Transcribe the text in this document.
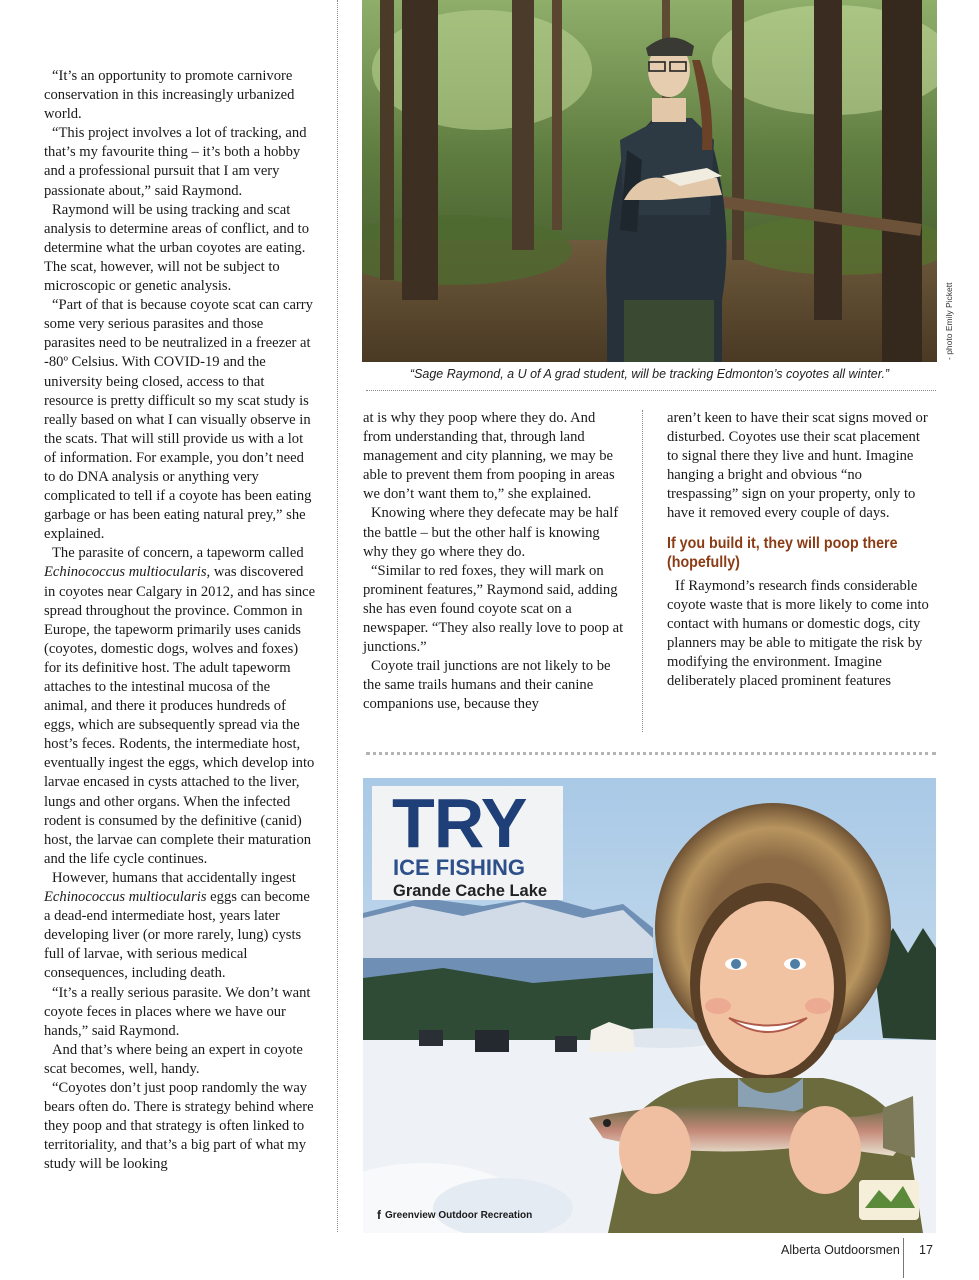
“It’s an opportunity to promote carnivore conservation in this increasingly urbanized world.

“This project involves a lot of tracking, and that’s my favourite thing – it’s both a hobby and a professional pursuit that I am very passionate about,” said Raymond.

Raymond will be using tracking and scat analysis to determine areas of conflict, and to determine what the urban coyotes are eating. The scat, however, will not be subject to microscopic or genetic analysis.

“Part of that is because coyote scat can carry some very serious parasites and those parasites need to be neutralized in a freezer at -80º Celsius. With COVID-19 and the university being closed, access to that resource is pretty difficult so my scat study is really based on what I can visually observe in the scats. That will still provide us with a lot of information. For example, you don’t need to do DNA analysis or anything very complicated to tell if a coyote has been eating garbage or has been eating natural prey,” she explained.

The parasite of concern, a tapeworm called Echinococcus multiocularis, was discovered in coyotes near Calgary in 2012, and has since spread throughout the province. Common in Europe, the tapeworm primarily uses canids (coyotes, domestic dogs, wolves and foxes) for its definitive host. The adult tapeworm attaches to the intestinal mucosa of the animal, and there it produces hundreds of eggs, which are subsequently spread via the host’s feces. Rodents, the intermediate host, eventually ingest the eggs, which develop into larvae encased in cysts attached to the liver, lungs and other organs. When the infected rodent is consumed by the definitive (canid) host, the larvae can complete their maturation and the life cycle continues.

However, humans that accidentally ingest Echinococcus multiocularis eggs can become a dead-end intermediate host, years later developing liver (or more rarely, lung) cysts full of larvae, with serious medical consequences, including death.

“It’s a really serious parasite. We don’t want coyote feces in places where we have our hands,” said Raymond.

And that’s where being an expert in coyote scat becomes, well, handy.

“Coyotes don’t just poop randomly the way bears often do. There is strategy behind where they poop and that strategy is often linked to territoriality, and that’s a big part of what my study will be looking

- photo Emily Pickett
“Sage Raymond, a U of A grad student, will be tracking Edmonton’s coyotes all winter.”

at is why they poop where they do. And from understanding that, through land management and city planning, we may be able to prevent them from pooping in areas we don’t want them to,” she explained.

Knowing where they defecate may be half the battle – but the other half is knowing why they go where they do.

“Similar to red foxes, they will mark on prominent features,” Raymond said, adding she has even found coyote scat on a newspaper. “They also really love to poop at junctions.”

Coyote trail junctions are not likely to be the same trails humans and their canine companions use, because they

aren’t keen to have their scat signs moved or disturbed. Coyotes use their scat placement to signal there they live and hunt. Imagine hanging a bright and obvious “no trespassing” sign on your property, only to have it removed every couple of days.

If you build it, they will poop there (hopefully)

If Raymond’s research finds considerable coyote waste that is more likely to come into contact with humans or domestic dogs, city planners may be able to mitigate the risk by modifying the environment. Imagine deliberately placed prominent features

TRY
ICE FISHING
Grande Cache Lake
f Greenview Outdoor Recreation
Alberta Outdoorsmen 17
